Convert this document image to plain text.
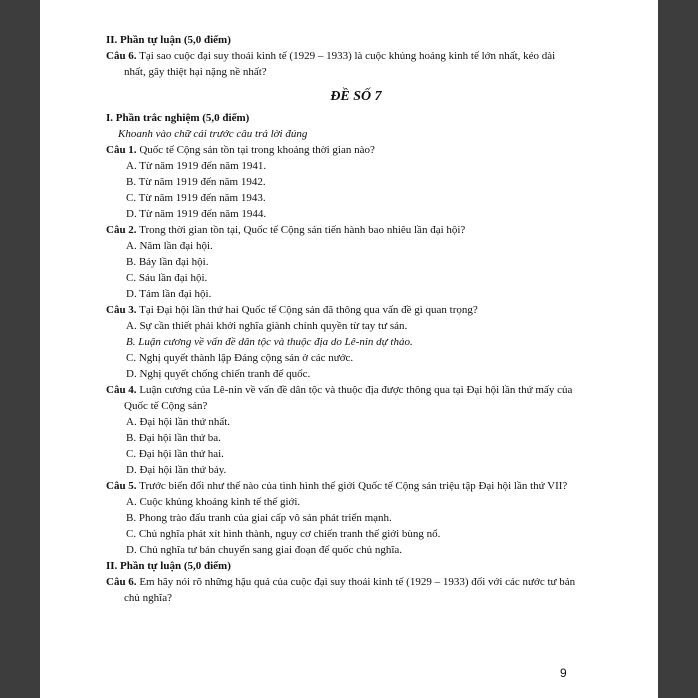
II. Phần tự luận (5,0 điểm)
Câu 6. Tại sao cuộc đại suy thoái kinh tế (1929 – 1933) là cuộc khủng hoảng kinh tế lớn nhất, kéo dài nhất, gây thiệt hại nặng nề nhất?
ĐỀ SỐ 7
I. Phần trắc nghiệm (5,0 điểm)
Khoanh vào chữ cái trước câu trả lời đúng
Câu 1. Quốc tế Cộng sản tồn tại trong khoảng thời gian nào?
A. Từ năm 1919 đến năm 1941.
B. Từ năm 1919 đến năm 1942.
C. Từ năm 1919 đến năm 1943.
D. Từ năm 1919 đến năm 1944.
Câu 2. Trong thời gian tồn tại, Quốc tế Cộng sản tiến hành bao nhiêu lần đại hội?
A. Năm lần đại hội.
B. Bảy lần đại hội.
C. Sáu lần đại hội.
D. Tám lần đại hội.
Câu 3. Tại Đại hội lần thứ hai Quốc tế Cộng sản đã thông qua vấn đề gì quan trọng?
A. Sự cần thiết phải khởi nghĩa giành chính quyền từ tay tư sản.
B. Luận cương về vấn đề dân tộc và thuộc địa do Lê-nin dự thảo.
C. Nghị quyết thành lập Đảng cộng sản ở các nước.
D. Nghị quyết chống chiến tranh đế quốc.
Câu 4. Luận cương của Lê-nin về vấn đề dân tộc và thuộc địa được thông qua tại Đại hội lần thứ mấy của Quốc tế Cộng sản?
A. Đại hội lần thứ nhất.
B. Đại hội lần thứ ba.
C. Đại hội lần thứ hai.
D. Đại hội lần thứ bảy.
Câu 5. Trước biến đổi như thế nào của tình hình thế giới Quốc tế Cộng sản triệu tập Đại hội lần thứ VII?
A. Cuộc khủng khoảng kinh tế thế giới.
B. Phong trào đấu tranh của giai cấp vô sản phát triển mạnh.
C. Chủ nghĩa phát xít hình thành, nguy cơ chiến tranh thế giới bùng nổ.
D. Chủ nghĩa tư bản chuyển sang giai đoạn đế quốc chủ nghĩa.
II. Phần tự luận (5,0 điểm)
Câu 6. Em hãy nói rõ những hậu quả của cuộc đại suy thoái kinh tế (1929 – 1933) đối với các nước tư bản chủ nghĩa?
9
